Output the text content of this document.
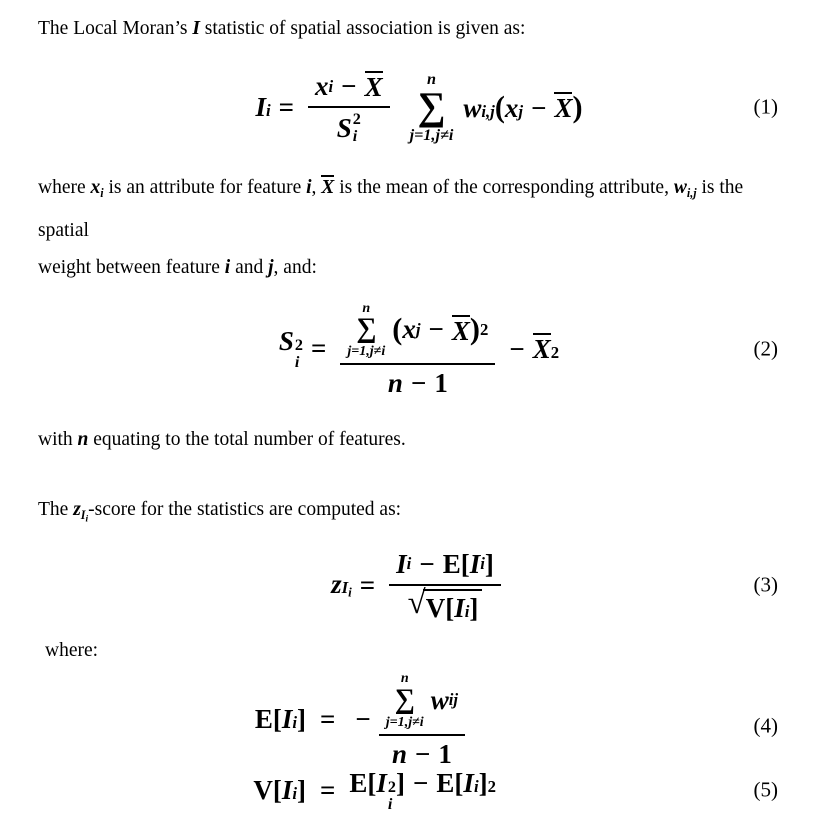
The Local Moran’s I statistic of spatial association is given as:

I i = x i − X
S 2
i n
∑
j=1,j≠i
w i,j ( x j − X )	(1)
where xi is an attribute for feature i, X is the mean of the corresponding attribute, wi,j is the spatial
weight between feature i and j, and:
S 2
i = n
∑
j=1,j≠i
( x j − X ) 2
n − 1 − X 2	(2)

with n equating to the total number of features.

The zIi-score for the statistics are computed as:

z $Ii = \frac{\text{I i − E [ I i ]}}{\text{√ V [ I i ]}}$	(3)

where:

E [ I i ] = − n
∑
j=1,j≠i
w ij
n − 1	(4)
V [ I i ] = E [ I 2
i
] − E [ I i ] 2	(5)
